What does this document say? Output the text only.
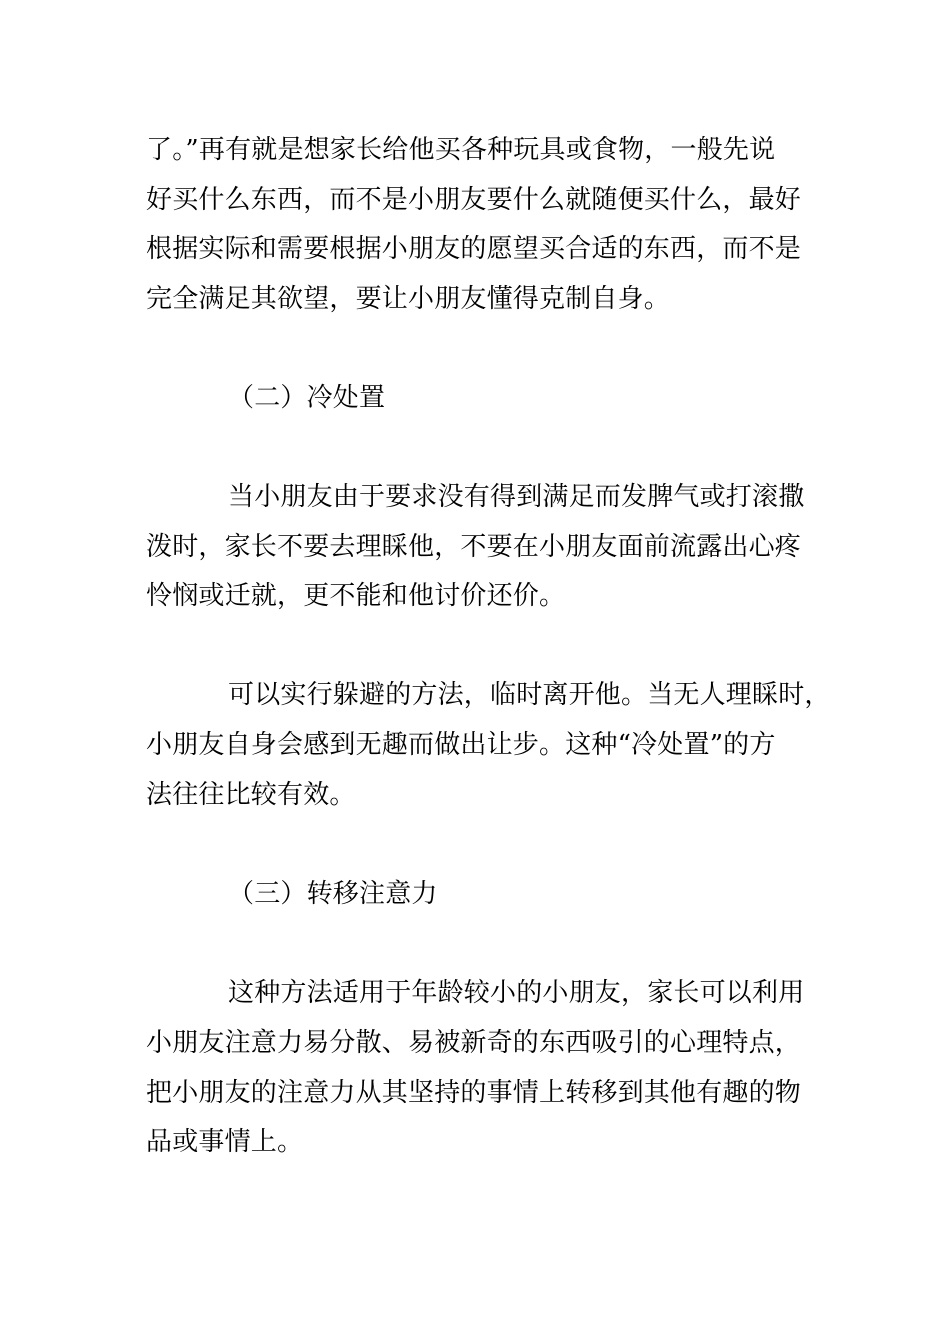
了。”再有就是想家长给他买各种玩具或食物，一般先说
好买什么东西，而不是小朋友要什么就随便买什么，最好
根据实际和需要根据小朋友的愿望买合适的东西，而不是
完全满足其欲望，要让小朋友懂得克制自身。
（二）冷处置
当小朋友由于要求没有得到满足而发脾气或打滚撒
泼时，家长不要去理睬他，不要在小朋友面前流露出心疼
怜悯或迁就，更不能和他讨价还价。
可以实行躲避的方法，临时离开他。当无人理睬时，
小朋友自身会感到无趣而做出让步。这种“冷处置”的方
法往往比较有效。
（三）转移注意力
这种方法适用于年龄较小的小朋友，家长可以利用
小朋友注意力易分散、易被新奇的东西吸引的心理特点，
把小朋友的注意力从其坚持的事情上转移到其他有趣的物
品或事情上。
